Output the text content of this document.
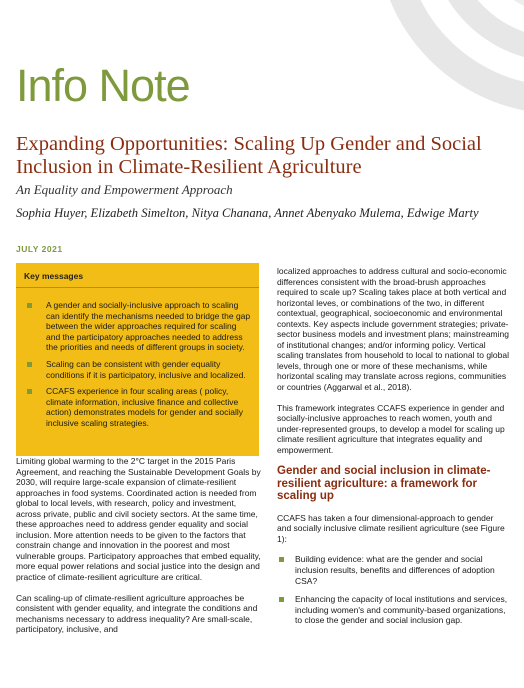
Info Note
Expanding Opportunities: Scaling Up Gender and Social Inclusion in Climate-Resilient Agriculture
An Equality and Empowerment Approach
Sophia Huyer, Elizabeth Simelton, Nitya Chanana, Annet Abenyako Mulema, Edwige Marty
JULY 2021
Key messages
A gender and socially-inclusive approach to scaling can identify the mechanisms needed to bridge the gap between the wider approaches required for scaling and the participatory approaches needed to address the priorities and needs of different groups in society.
Scaling can be consistent with gender equality conditions if it is participatory, inclusive and localized.
CCAFS experience in four scaling areas ( policy, climate information, inclusive finance and collective action) demonstrates models for gender and socially inclusive scaling strategies.

Limiting global warming to the 2°C target in the 2015 Paris Agreement, and reaching the Sustainable Development Goals by 2030, will require large-scale expansion of climate-resilient approaches in food systems. Coordinated action is needed from global to local levels, with research, policy and investment, across private, public and civil society sectors. At the same time, these approaches need to address gender equality and social inclusion. More attention needs to be given to the factors that constrain change and innovation in the poorest and most vulnerable groups. Participatory approaches that embed equality, more equal power relations and social justice into the design and practice of climate-resilient agriculture are critical.

Can scaling-up of climate-resilient agriculture approaches be consistent with gender equality, and integrate the conditions and mechanisms necessary to address inequality? Are small-scale, participatory, inclusive, and

localized approaches to address cultural and socio-economic differences consistent with the broad-brush approaches required to scale up? Scaling takes place at both vertical and horizontal leves, or combinations of the two, in different contextual, geographical, socioeconomic and environmental contexts. Key aspects include government strategies; private-sector business models and investment plans; mainstreaming of institutional changes; and/or informing policy. Vertical scaling translates from household to local to national to global levels, through one or more of these mechanisms, while horizontal scaling may translate across regions, communities or countries (Aggarwal et al., 2018).

This framework integrates CCAFS experience in gender and socially-inclusive approaches to reach women, youth and under-represented groups, to develop a model for scaling up climate resilient agriculture that integrates equality and empowerment.

Gender and social inclusion in climate-resilient agriculture: a framework for scaling up

CCAFS has taken a four dimensional-approach to gender and socially inclusive climate resilient agriculture (see Figure 1):

Building evidence: what are the gender and social inclusion results, benefits and differences of adoption CSA?
Enhancing the capacity of local institutions and services, including women's and community-based organizations, to close the gender and social inclusion gap.
